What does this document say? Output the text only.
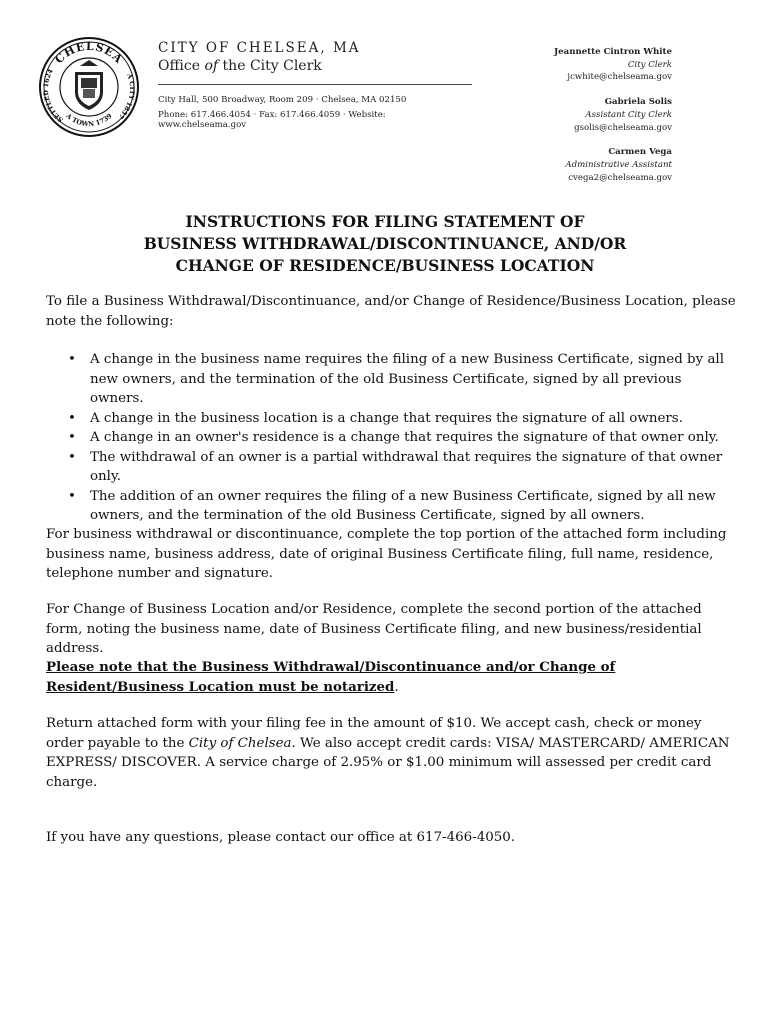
CHELSEA
A TOWN 1739
SETTLED 1624
A CITY 1857
CITY OF CHELSEA, MA
Office of the City Clerk
City Hall, 500 Broadway, Room 209 · Chelsea, MA 02150
Phone: 617.466.4054 · Fax: 617.466.4059 · Website: www.chelseama.gov
Jeannette Cintron White
City Clerk
jcwhite@chelseama.gov
Gabriela Solis
Assistant City Clerk
gsolis@chelseama.gov
Carmen Vega
Administrative Assistant
cvega2@chelseama.gov
INSTRUCTIONS FOR FILING STATEMENT OF
BUSINESS WITHDRAWAL/DISCONTINUANCE, AND/OR
CHANGE OF RESIDENCE/BUSINESS LOCATION

To file a Business Withdrawal/Discontinuance, and/or Change of Residence/Business Location, please note the following:

• A change in the business name requires the filing of a new Business Certificate, signed by all new owners, and the termination of the old Business Certificate, signed by all previous owners.
• A change in the business location is a change that requires the signature of all owners.
• A change in an owner's residence is a change that requires the signature of that owner only.
• The withdrawal of an owner is a partial withdrawal that requires the signature of that owner only.
• The addition of an owner requires the filing of a new Business Certificate, signed by all new owners, and the termination of the old Business Certificate, signed by all owners.

For business withdrawal or discontinuance, complete the top portion of the attached form including business name, business address, date of original Business Certificate filing, full name, residence, telephone number and signature.

For Change of Business Location and/or Residence, complete the second portion of the attached form, noting the business name, date of Business Certificate filing, and new business/residential address.

Please note that the Business Withdrawal/Discontinuance and/or Change of Resident/Business Location must be notarized.

Return attached form with your filing fee in the amount of $10. We accept cash, check or money order payable to the City of Chelsea. We also accept credit cards: VISA/ MASTERCARD/ AMERICAN EXPRESS/ DISCOVER. A service charge of 2.95% or $1.00 minimum will assessed per credit card charge.

If you have any questions, please contact our office at 617-466-4050.
